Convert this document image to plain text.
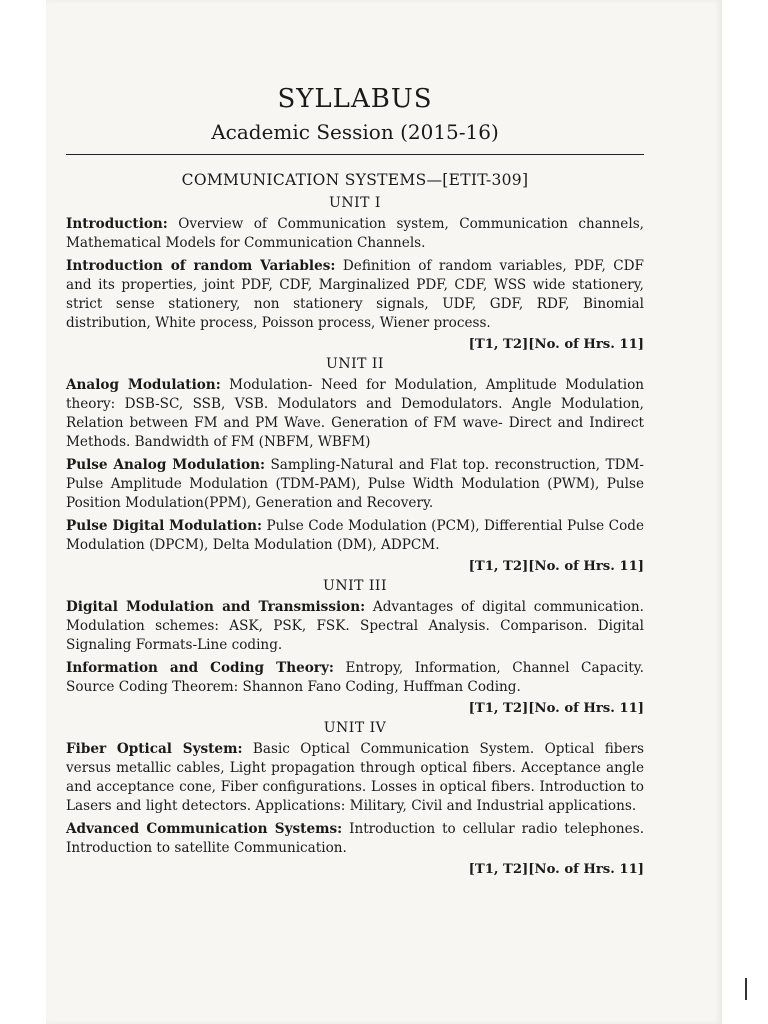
SYLLABUS
Academic Session (2015-16)
COMMUNICATION SYSTEMS—[ETIT-309]
UNIT I

Introduction: Overview of Communication system, Communication channels, Mathematical Models for Communication Channels.

Introduction of random Variables: Definition of random variables, PDF, CDF and its properties, joint PDF, CDF, Marginalized PDF, CDF, WSS wide stationery, strict sense stationery, non stationery signals, UDF, GDF, RDF, Binomial distribution, White process, Poisson process, Wiener process.

[T1, T2][No. of Hrs. 11]
UNIT II

Analog Modulation: Modulation- Need for Modulation, Amplitude Modulation theory: DSB-SC, SSB, VSB. Modulators and Demodulators. Angle Modulation, Relation between FM and PM Wave. Generation of FM wave- Direct and Indirect Methods. Bandwidth of FM (NBFM, WBFM)

Pulse Analog Modulation: Sampling-Natural and Flat top. reconstruction, TDM-Pulse Amplitude Modulation (TDM-PAM), Pulse Width Modulation (PWM), Pulse Position Modulation(PPM), Generation and Recovery.

Pulse Digital Modulation: Pulse Code Modulation (PCM), Differential Pulse Code Modulation (DPCM), Delta Modulation (DM), ADPCM.

[T1, T2][No. of Hrs. 11]
UNIT III

Digital Modulation and Transmission: Advantages of digital communication. Modulation schemes: ASK, PSK, FSK. Spectral Analysis. Comparison. Digital Signaling Formats-Line coding.

Information and Coding Theory: Entropy, Information, Channel Capacity. Source Coding Theorem: Shannon Fano Coding, Huffman Coding.

[T1, T2][No. of Hrs. 11]
UNIT IV

Fiber Optical System: Basic Optical Communication System. Optical fibers versus metallic cables, Light propagation through optical fibers. Acceptance angle and acceptance cone, Fiber configurations. Losses in optical fibers. Introduction to Lasers and light detectors. Applications: Military, Civil and Industrial applications.

Advanced Communication Systems: Introduction to cellular radio telephones. Introduction to satellite Communication.

[T1, T2][No. of Hrs. 11]
